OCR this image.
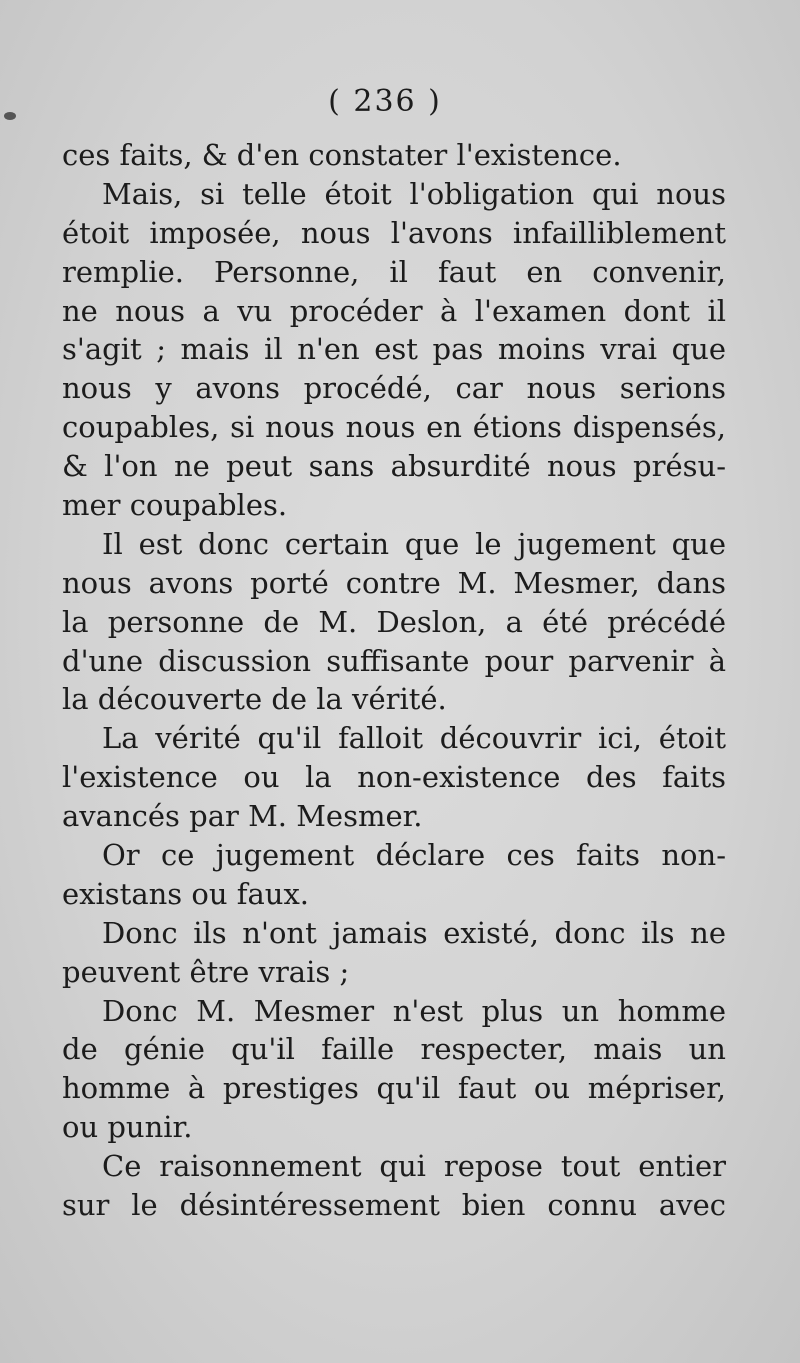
( 236 )
ces faits, & d'en constater l'existence.
Mais, si telle étoit l'obligation qui nous
étoit imposée, nous l'avons infailliblement
remplie. Personne, il faut en convenir,
ne nous a vu procéder à l'examen dont il
s'agit ; mais il n'en est pas moins vrai que
nous y avons procédé, car nous serions
coupables, si nous nous en étions dispensés,
& l'on ne peut sans absurdité nous présu-
mer coupables.
Il est donc certain que le jugement que
nous avons porté contre M. Mesmer, dans
la personne de M. Deslon, a été précédé
d'une discussion suffisante pour parvenir à
la découverte de la vérité.
La vérité qu'il falloit découvrir ici, étoit
l'existence ou la non-existence des faits
avancés par M. Mesmer.
Or ce jugement déclare ces faits non-
existans ou faux.
Donc ils n'ont jamais existé, donc ils ne
peuvent être vrais ;
Donc M. Mesmer n'est plus un homme
de génie qu'il faille respecter, mais un
homme à prestiges qu'il faut ou mépriser,
ou punir.
Ce raisonnement qui repose tout entier
sur le désintéressement bien connu avec
